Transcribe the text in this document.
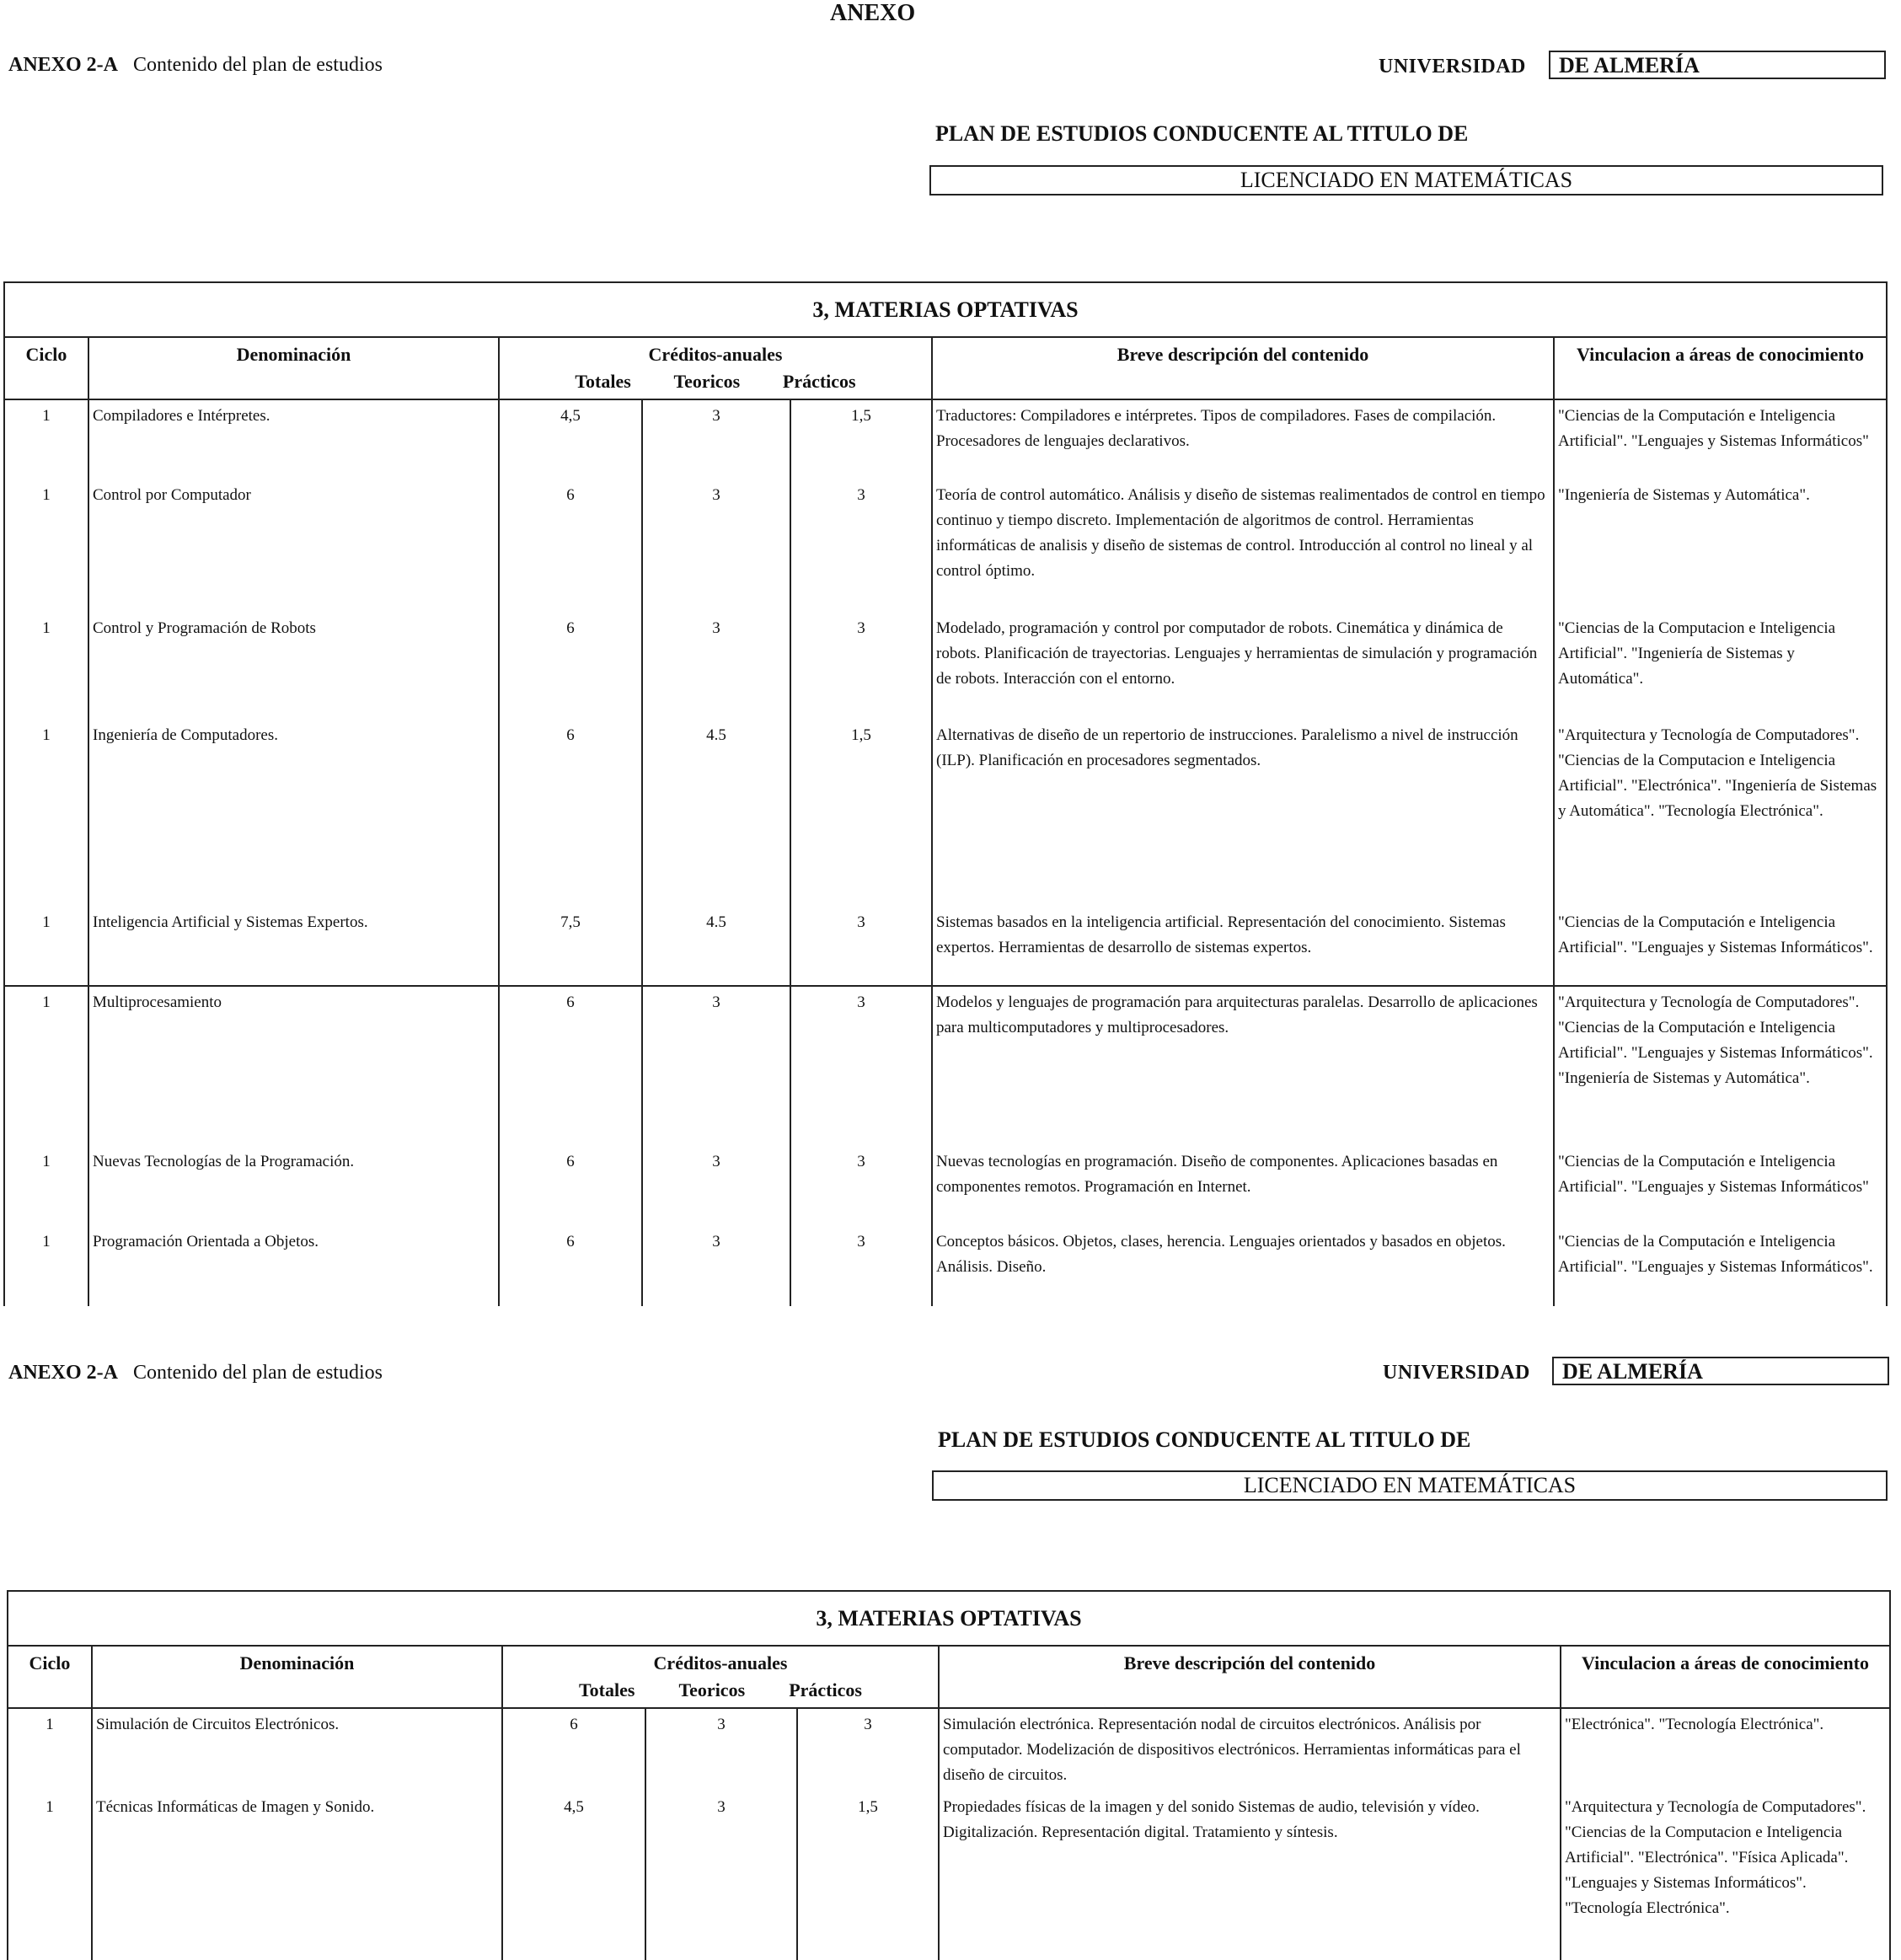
ANEXO
ANEXO 2-A Contenido del plan de estudios	UNIVERSIDAD	DE ALMERÍA
PLAN DE ESTUDIOS CONDUCENTE AL TITULO DE
LICENCIADO EN MATEMÁTICAS
3, MATERIAS OPTATIVAS						
Ciclo	Denominación	Créditos-anuales
Totales Teoricos Prácticos			Breve descripción del contenido	Vinculacion a áreas de conocimiento
1	Compiladores e Intérpretes.	4,5	3	1,5	Traductores: Compiladores e intérpretes. Tipos de compiladores. Fases de compilación. Procesadores de lenguajes declarativos.	"Ciencias de la Computación e Inteligencia Artificial". "Lenguajes y Sistemas Informáticos"
1	Control por Computador	6	3	3	Teoría de control automático. Análisis y diseño de sistemas realimentados de control en tiempo continuo y tiempo discreto. Implementación de algoritmos de control. Herramientas informáticas de analisis y diseño de sistemas de control. Introducción al control no lineal y al control óptimo.	"Ingeniería de Sistemas y Automática".
1	Control y Programación de Robots	6	3	3	Modelado, programación y control por computador de robots. Cinemática y dinámica de robots. Planificación de trayectorias. Lenguajes y herramientas de simulación y programación de robots. Interacción con el entorno.	"Ciencias de la Computacion e Inteligencia Artificial". "Ingeniería de Sistemas y Automática".
1	Ingeniería de Computadores.	6	4.5	1,5	Alternativas de diseño de un repertorio de instrucciones. Paralelismo a nivel de instrucción (ILP). Planificación en procesadores segmentados.	"Arquitectura y Tecnología de Computadores". "Ciencias de la Computacion e Inteligencia Artificial". "Electrónica". "Ingeniería de Sistemas y Automática". "Tecnología Electrónica".
1	Inteligencia Artificial y Sistemas Expertos.	7,5	4.5	3	Sistemas basados en la inteligencia artificial. Representación del conocimiento. Sistemas expertos. Herramientas de desarrollo de sistemas expertos.	"Ciencias de la Computación e Inteligencia Artificial". "Lenguajes y Sistemas Informáticos".
1	Multiprocesamiento	6	3	3	Modelos y lenguajes de programación para arquitecturas paralelas. Desarrollo de aplicaciones para multicomputadores y multiprocesadores.	"Arquitectura y Tecnología de Computadores". "Ciencias de la Computación e Inteligencia Artificial". "Lenguajes y Sistemas Informáticos". "Ingeniería de Sistemas y Automática".
1	Nuevas Tecnologías de la Programación.	6	3	3	Nuevas tecnologías en programación. Diseño de componentes. Aplicaciones basadas en componentes remotos. Programación en Internet.	"Ciencias de la Computación e Inteligencia Artificial". "Lenguajes y Sistemas Informáticos"
1	Programación Orientada a Objetos.	6	3	3	Conceptos básicos. Objetos, clases, herencia. Lenguajes orientados y basados en objetos. Análisis. Diseño.	"Ciencias de la Computación e Inteligencia Artificial". "Lenguajes y Sistemas Informáticos".
ANEXO 2-A Contenido del plan de estudios	UNIVERSIDAD	DE ALMERÍA
PLAN DE ESTUDIOS CONDUCENTE AL TITULO DE
LICENCIADO EN MATEMÁTICAS
3, MATERIAS OPTATIVAS						
Ciclo	Denominación	Créditos-anuales
Totales Teoricos Prácticos			Breve descripción del contenido	Vinculacion a áreas de conocimiento
1	Simulación de Circuitos Electrónicos.	6	3	3	Simulación electrónica. Representación nodal de circuitos electrónicos. Análisis por computador. Modelización de dispositivos electrónicos. Herramientas informáticas para el diseño de circuitos.	"Electrónica". "Tecnología Electrónica".
1	Técnicas Informáticas de Imagen y Sonido.	4,5	3	1,5	Propiedades físicas de la imagen y del sonido Sistemas de audio, televisión y vídeo. Digitalización. Representación digital. Tratamiento y síntesis.	"Arquitectura y Tecnología de Computadores". "Ciencias de la Computacion e Inteligencia Artificial". "Electrónica". "Física Aplicada". "Lenguajes y Sistemas Informáticos". "Tecnología Electrónica".
